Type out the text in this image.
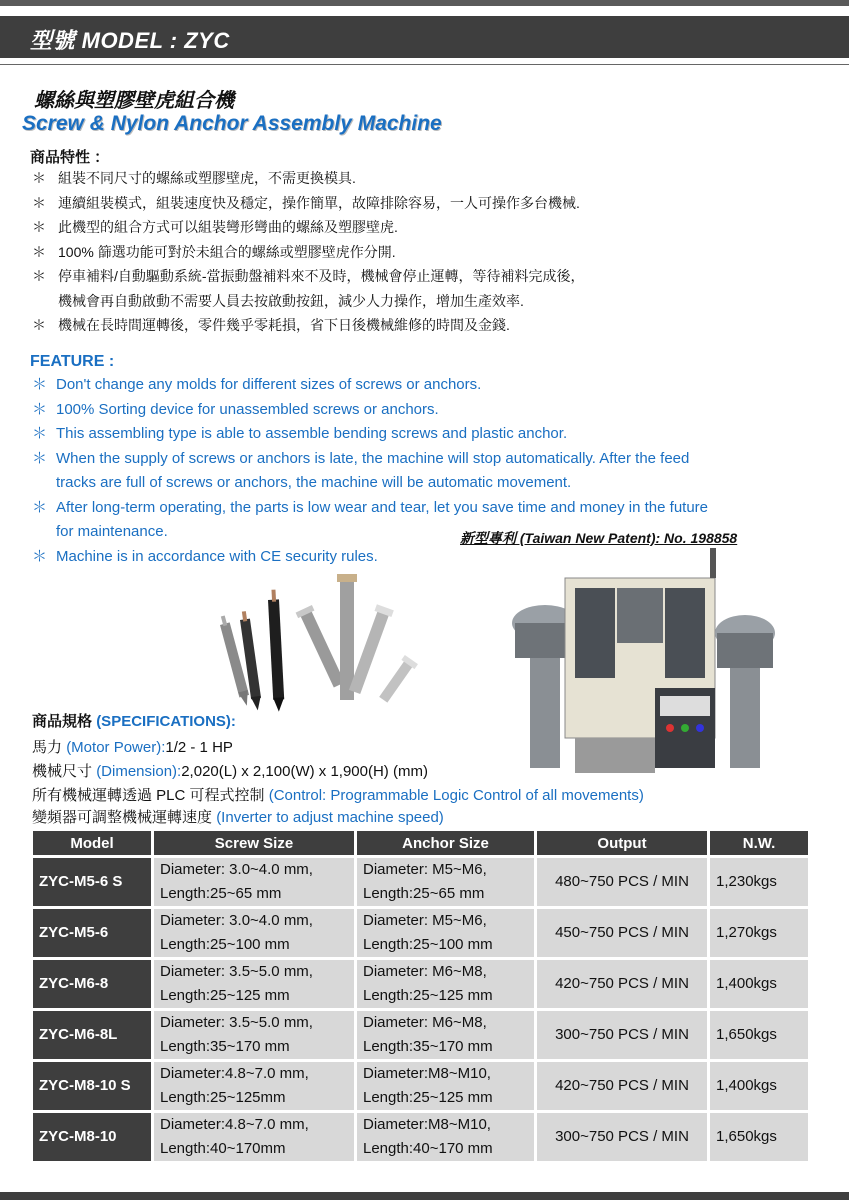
型號 MODEL : ZYC
螺絲與塑膠壁虎組合機
Screw & Nylon Anchor Assembly Machine
商品特性 ：
＊ 組裝不同尺寸的螺絲或塑膠壁虎，不需更換模具.
＊ 連續組裝模式，組裝速度快及穩定，操作簡單，故障排除容易，一人可操作多台機械.
＊ 此機型的組合方式可以組裝彎形彎曲的螺絲及塑膠壁虎.
＊ 100% 篩選功能可對於未組合的螺絲或塑膠壁虎作分開.
＊ 停車補料/自動驅動系統-當振動盤補料來不及時，機械會停止運轉，等待補料完成後，
機械會再自動啟動不需要人員去按啟動按鈕，減少人力操作，增加生產效率.
＊ 機械在長時間運轉後，零件幾乎零耗損，省下日後機械維修的時間及金錢.
FEATURE :
＊ Don't change any molds for different sizes of screws or anchors.
＊ 100% Sorting device for unassembled screws or anchors.
＊ This assembling type is able to assemble bending screws and plastic anchor.
＊ When the supply of screws or anchors is late, the machine will stop automatically. After the feed
tracks are full of screws or anchors, the machine will be automatic movement.
＊ After long-term operating, the parts is low wear and tear, let you save time and money in the future
for maintenance.
＊ Machine is in accordance with CE security rules.
新型專利 (Taiwan New Patent): No. 198858
商品規格 (SPECIFICATIONS):
馬力 (Motor Power):1/2 - 1 HP
機械尺寸 (Dimension):2,020(L) x 2,100(W) x 1,900(H) (mm)
所有機械運轉透過 PLC 可程式控制 (Control: Programmable Logic Control of all movements)
變頻器可調整機械運轉速度 (Inverter to adjust machine speed)
Model	Screw Size	Anchor Size	Output	N.W.

ZYC-M5-6 S	Diameter: 3.0~4.0 mm,
Length:25~65 mm	Diameter: M5~M6,
Length:25~65 mm	480~750 PCS / MIN	1,230kgs

ZYC-M5-6	Diameter: 3.0~4.0 mm,
Length:25~100 mm	Diameter: M5~M6,
Length:25~100 mm	450~750 PCS / MIN	1,270kgs

ZYC-M6-8	Diameter: 3.5~5.0 mm,
Length:25~125 mm	Diameter: M6~M8,
Length:25~125 mm	420~750 PCS / MIN	1,400kgs

ZYC-M6-8L	Diameter: 3.5~5.0 mm,
Length:35~170 mm	Diameter: M6~M8,
Length:35~170 mm	300~750 PCS / MIN	1,650kgs

ZYC-M8-10 S	Diameter:4.8~7.0 mm,
Length:25~125mm	Diameter:M8~M10,
Length:25~125 mm	420~750 PCS / MIN	1,400kgs

ZYC-M8-10	Diameter:4.8~7.0 mm,
Length:40~170mm	Diameter:M8~M10,
Length:40~170 mm	300~750 PCS / MIN	1,650kgs
